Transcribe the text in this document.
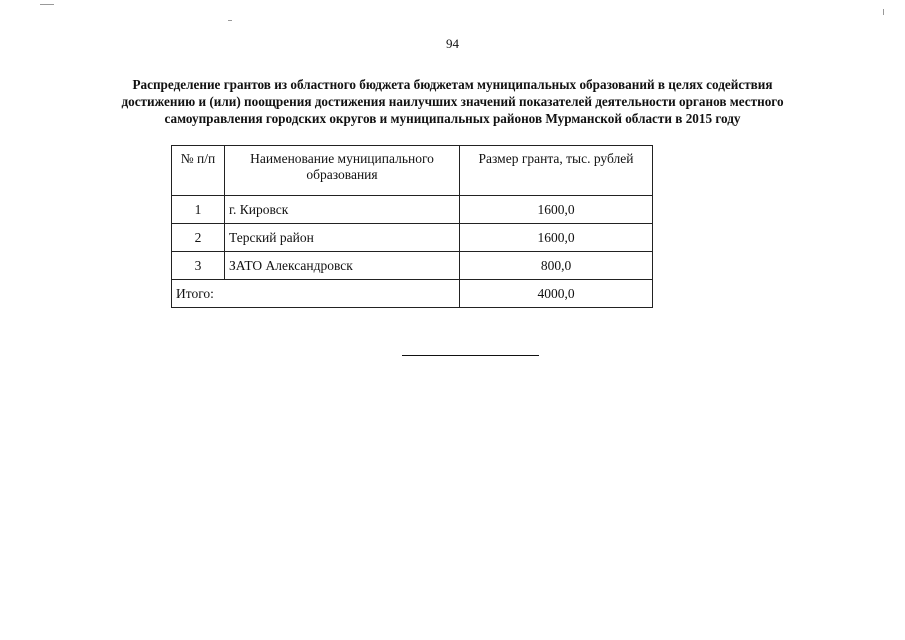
94
Распределение грантов из областного бюджета бюджетам муниципальных образований в целях содействия
достижению и (или) поощрения достижения наилучших значений показателей деятельности органов местного
самоуправления городских округов и муниципальных районов Мурманской области в 2015 году
№ п/п	Наименование муниципального образования	Размер гранта, тыс. рублей
1	г. Кировск	1600,0
2	Терский район	1600,0
3	ЗАТО Александровск	800,0
Итого:		4000,0
